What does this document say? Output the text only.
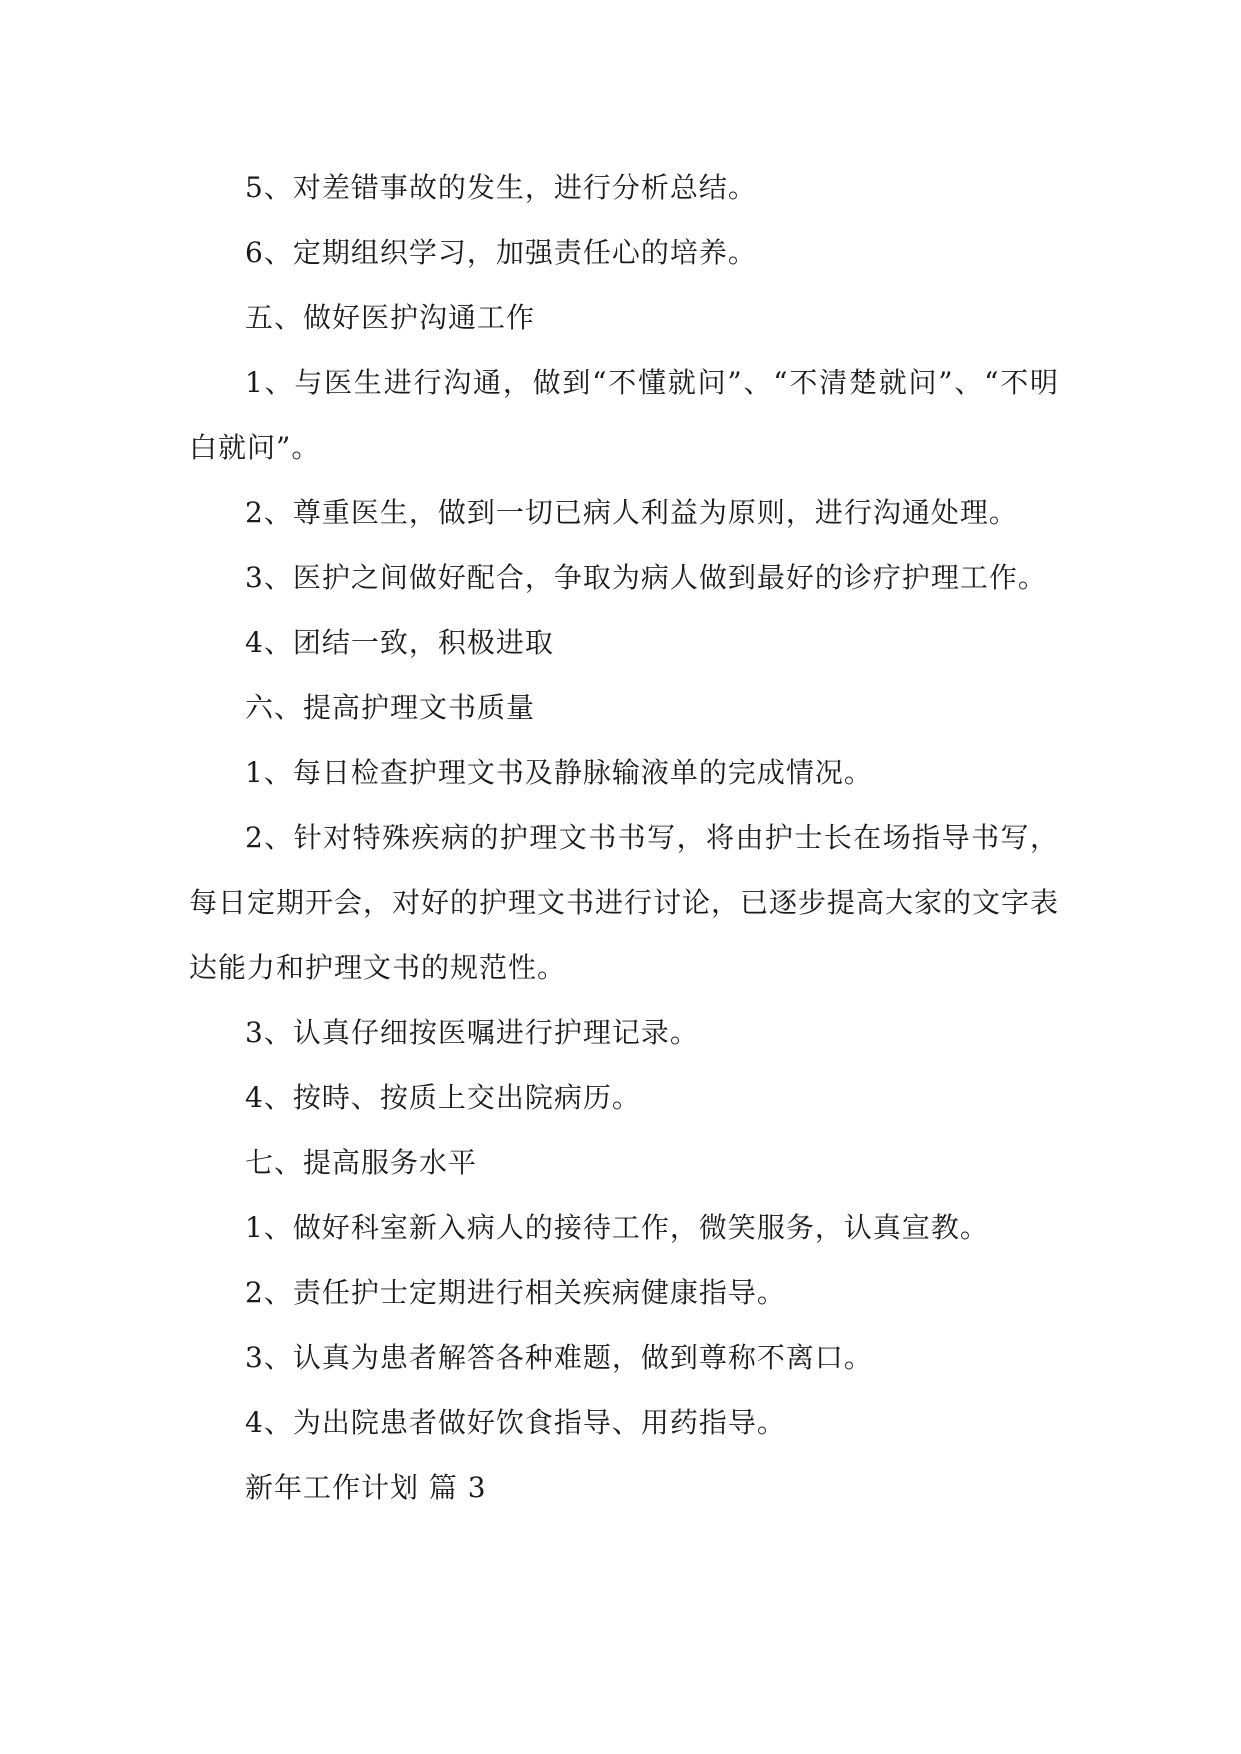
5、对差错事故的发生，进行分析总结。

6、定期组织学习，加强责任心的培养。

五、做好医护沟通工作

1、与医生进行沟通，做到“不懂就问”、“不清楚就问”、“不明白就问”。

2、尊重医生，做到一切已病人利益为原则，进行沟通处理。

3、医护之间做好配合，争取为病人做到最好的诊疗护理工作。

4、团结一致，积极进取

六、提高护理文书质量

1、每日检查护理文书及静脉输液单的完成情况。

2、针对特殊疾病的护理文书书写，将由护士长在场指导书写，每日定期开会，对好的护理文书进行讨论，已逐步提高大家的文字表达能力和护理文书的规范性。

3、认真仔细按医嘱进行护理记录。

4、按時、按质上交出院病历。

七、提高服务水平

1、做好科室新入病人的接待工作，微笑服务，认真宣教。

2、责任护士定期进行相关疾病健康指导。

3、认真为患者解答各种难题，做到尊称不离口。

4、为出院患者做好饮食指导、用药指导。

新年工作计划 篇 3
